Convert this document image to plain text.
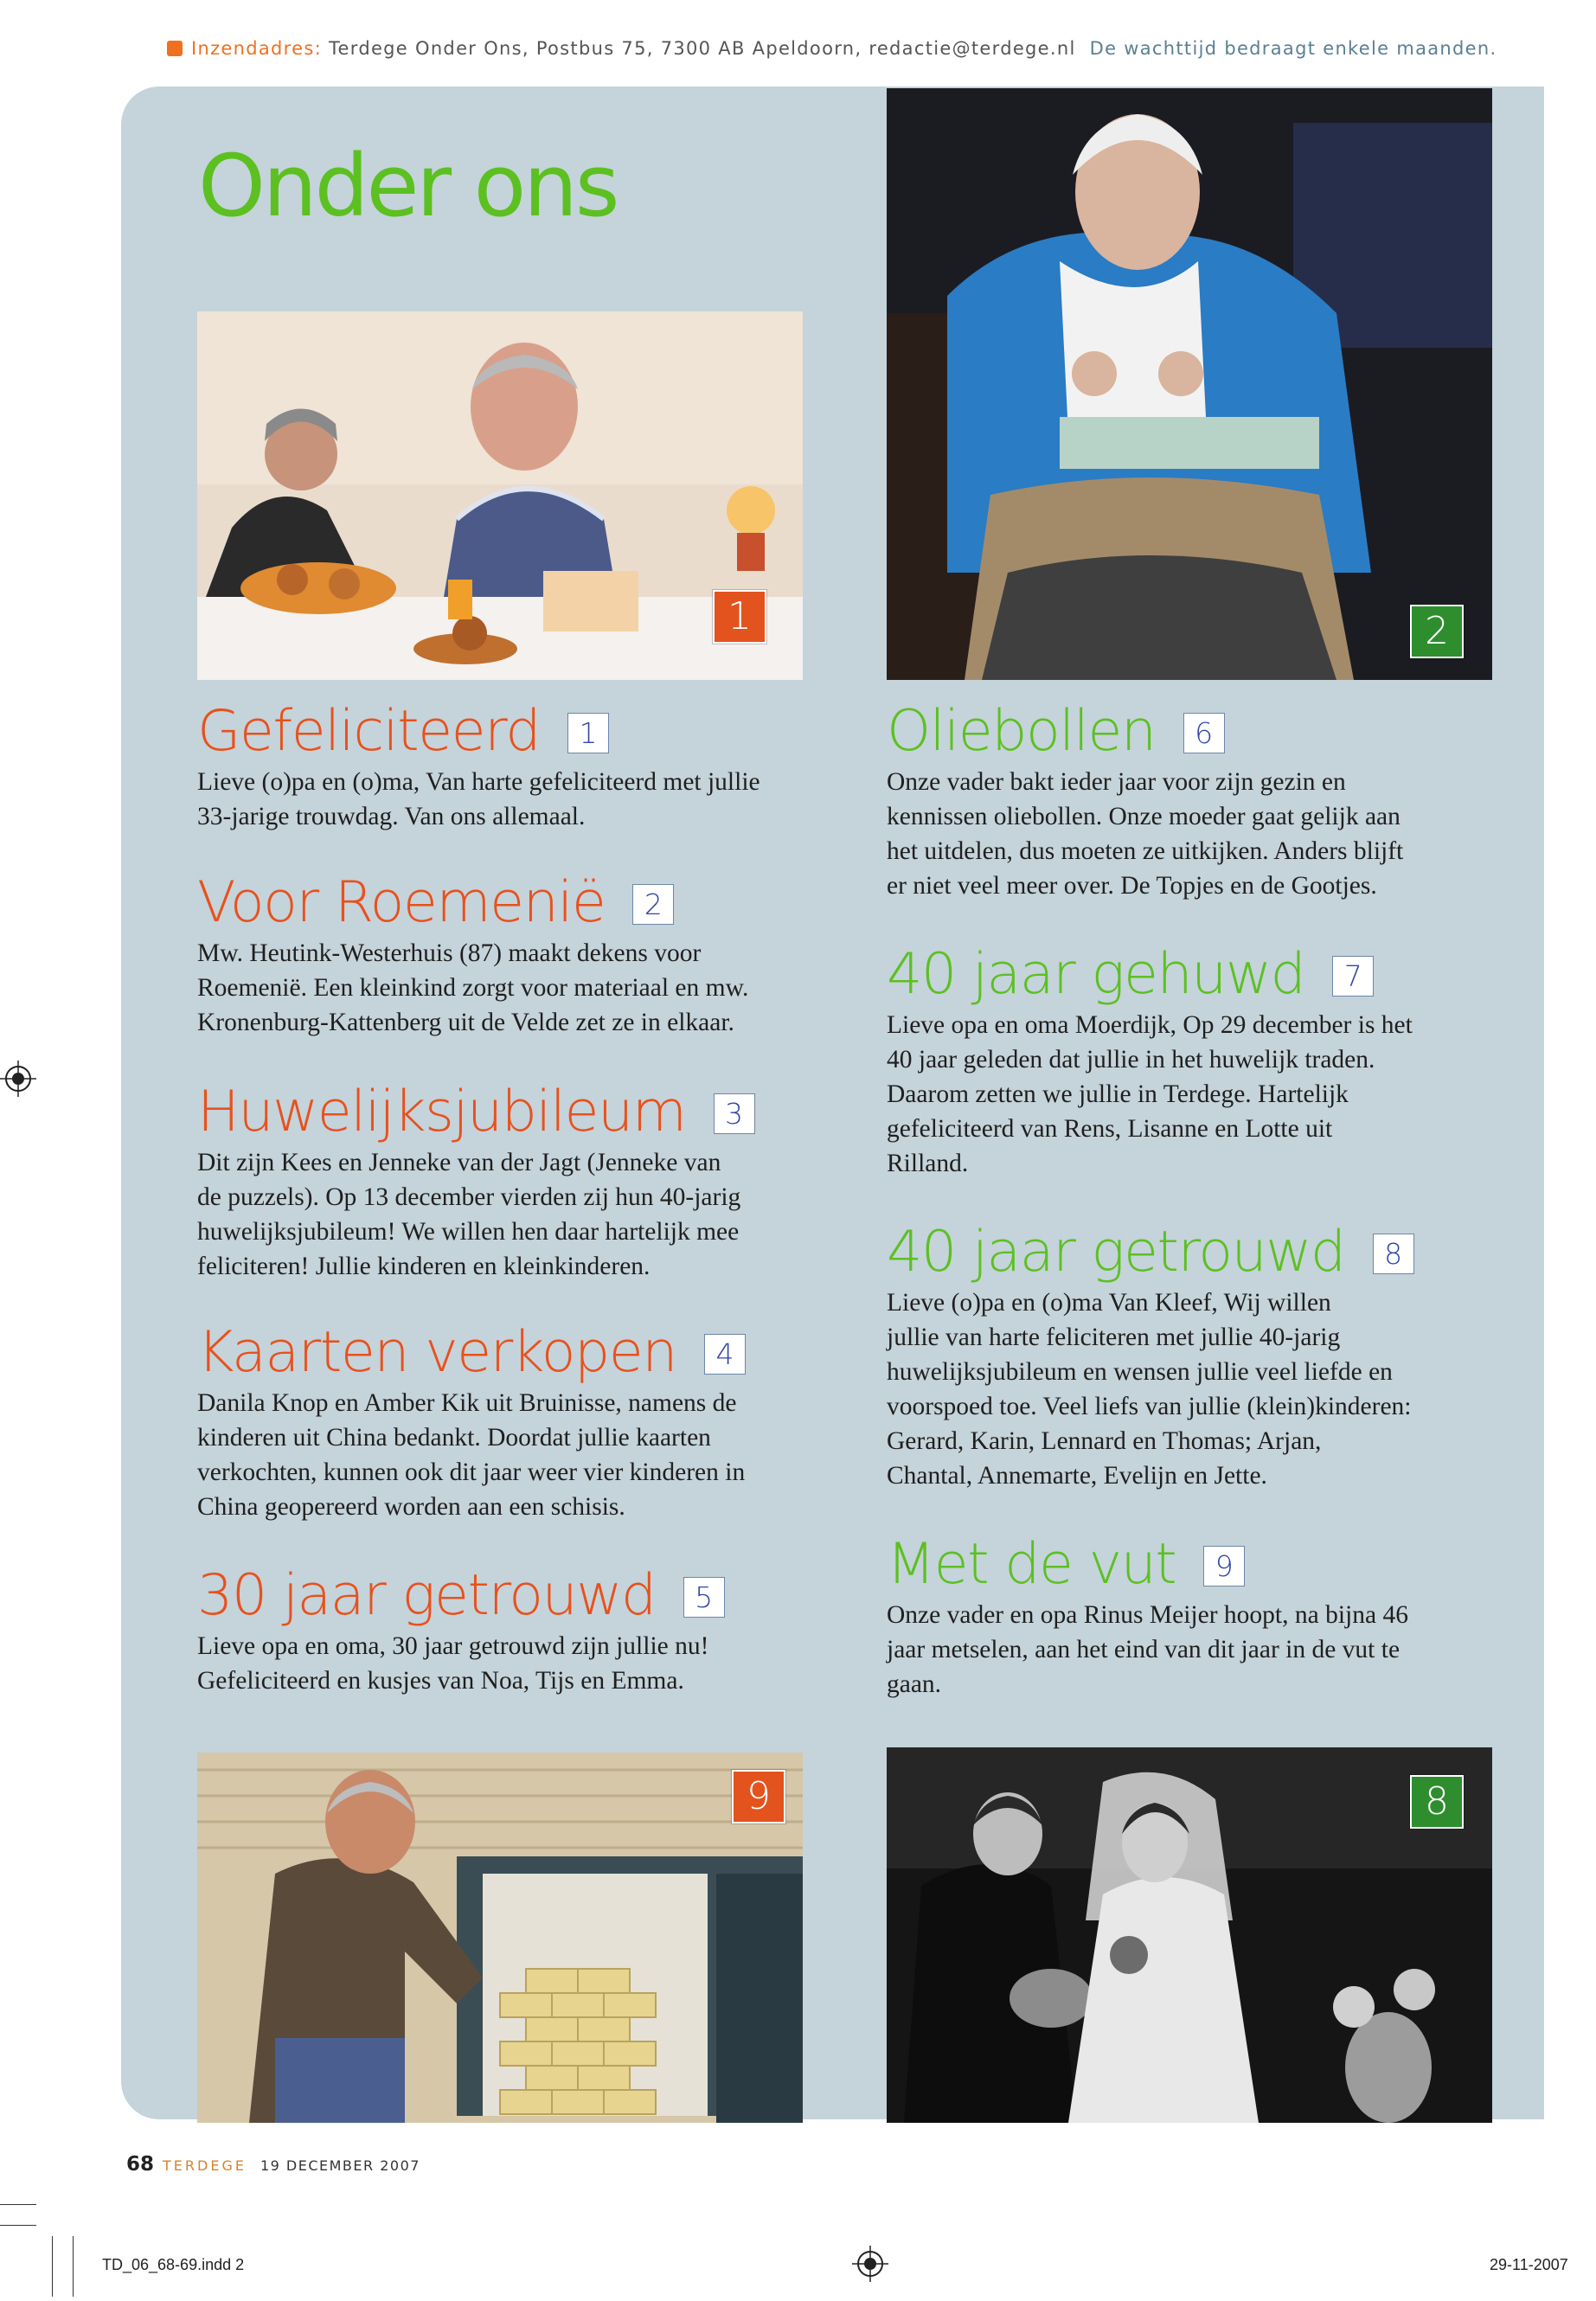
Inzendadres: Terdege Onder Ons, Postbus 75, 7300 AB Apeldoorn, redactie@terdege.nl De wachttijd bedraagt enkele maanden.
Onder ons
1	2
Gefeliciteerd 1

Lieve (o)pa en (o)ma, Van harte gefeliciteerd met jullie
33-jarige trouwdag. Van ons allemaal.

Voor Roemenië 2

Mw. Heutink-Westerhuis (87) maakt dekens voor
Roemenië. Een kleinkind zorgt voor materiaal en mw.
Kronenburg-Kattenberg uit de Velde zet ze in elkaar.

Huwelijksjubileum 3

Dit zijn Kees en Jenneke van der Jagt (Jenneke van
de puzzels). Op 13 december vierden zij hun 40-jarig
huwelijksjubileum! We willen hen daar hartelijk mee
feliciteren! Jullie kinderen en kleinkinderen.

Kaarten verkopen 4

Danila Knop en Amber Kik uit Bruinisse, namens de
kinderen uit China bedankt. Doordat jullie kaarten
verkochten, kunnen ook dit jaar weer vier kinderen in
China geopereerd worden aan een schisis.

30 jaar getrouwd 5

Lieve opa en oma, 30 jaar getrouwd zijn jullie nu!
Gefeliciteerd en kusjes van Noa, Tijs en Emma.

Oliebollen 6

Onze vader bakt ieder jaar voor zijn gezin en
kennissen oliebollen. Onze moeder gaat gelijk aan
het uitdelen, dus moeten ze uitkijken. Anders blijft
er niet veel meer over. De Topjes en de Gootjes.

40 jaar gehuwd 7

Lieve opa en oma Moerdijk, Op 29 december is het
40 jaar geleden dat jullie in het huwelijk traden.
Daarom zetten we jullie in Terdege. Hartelijk
gefeliciteerd van Rens, Lisanne en Lotte uit
Rilland.

40 jaar getrouwd 8

Lieve (o)pa en (o)ma Van Kleef, Wij willen
jullie van harte feliciteren met jullie 40-jarig
huwelijksjubileum en wensen jullie veel liefde en
voorspoed toe. Veel liefs van jullie (klein)kinderen:
Gerard, Karin, Lennard en Thomas; Arjan,
Chantal, Annemarte, Evelijn en Jette.

Met de vut 9

Onze vader en opa Rinus Meijer hoopt, na bijna 46
jaar metselen, aan het eind van dit jaar in de vut te
gaan.

9	8
68 TERDEGE 19 DECEMBER 2007
TD_06_68-69.indd 2	29-11-2007
